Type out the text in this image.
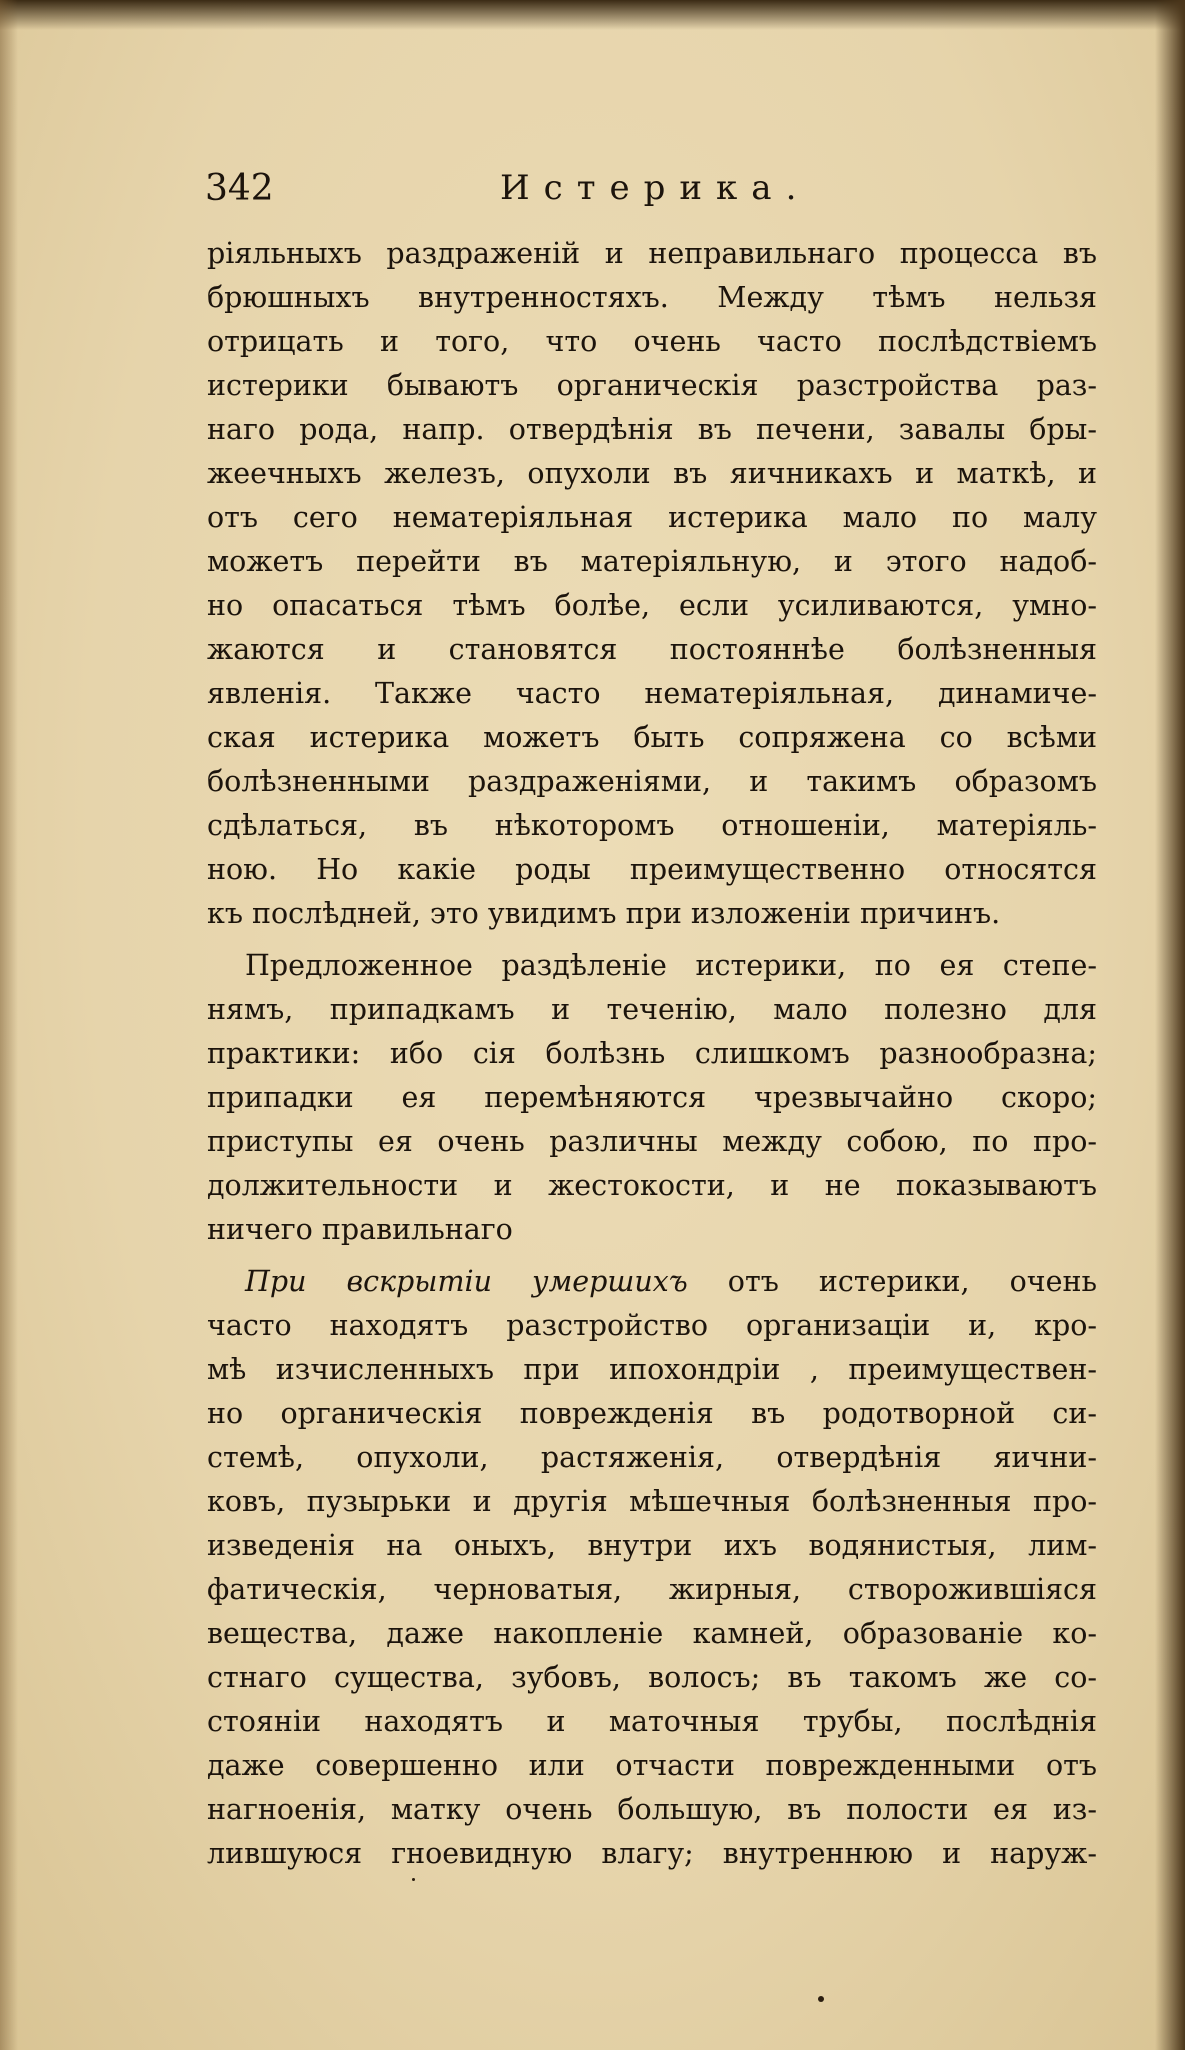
342	Истерика.
ріяльныхъ раздраженій и неправильнаго процесса въ
брюшныхъ внутренностяхъ. Между тѣмъ нельзя
отрицать и того, что очень часто послѣдствіемъ
истерики бываютъ органическія разстройства раз-
наго рода, напр. отвердѣнія въ печени, завалы бры-
жеечныхъ железъ, опухоли въ яичникахъ и маткѣ, и
отъ сего нематеріяльная истерика мало по малу
можетъ перейти въ матеріяльную, и этого надоб-
но опасаться тѣмъ болѣе, если усиливаются, умно-
жаются и становятся постояннѣе болѣзненныя
явленія. Также часто нематеріяльная, динамиче-
ская истерика можетъ быть сопряжена со всѣми
болѣзненными раздраженіями, и такимъ образомъ
сдѣлаться, въ нѣкоторомъ отношеніи, матеріяль-
ною. Но какіе роды преимущественно относятся
къ послѣдней, это увидимъ при изложеніи причинъ.
Предложенное раздѣленіе истерики, по ея степе-
нямъ, припадкамъ и теченію, мало полезно для
практики: ибо сія болѣзнь слишкомъ разнообразна;
припадки ея перемѣняются чрезвычайно скоро;
приступы ея очень различны между собою, по про-
должительности и жестокости, и не показываютъ
ничего правильнаго
При вскрытіи умершихъ отъ истерики, очень
часто находятъ разстройство организаціи и, кро-
мѣ изчисленныхъ при ипохондріи , преимуществен-
но органическія поврежденія въ родотворной си-
стемѣ, опухоли, растяженія, отвердѣнія яични-
ковъ, пузырьки и другія мѣшечныя болѣзненныя про-
изведенія на оныхъ, внутри ихъ водянистыя, лим-
фатическія, черноватыя, жирныя, створожившіяся
вещества, даже накопленіе камней, образованіе ко-
стнаго существа, зубовъ, волосъ; въ такомъ же со-
стояніи находятъ и маточныя трубы, послѣднія
даже совершенно или отчасти поврежденными отъ
нагноенія, матку очень большую, въ полости ея из-
лившуюся гноевидную влагу; внутреннюю и наруж-
